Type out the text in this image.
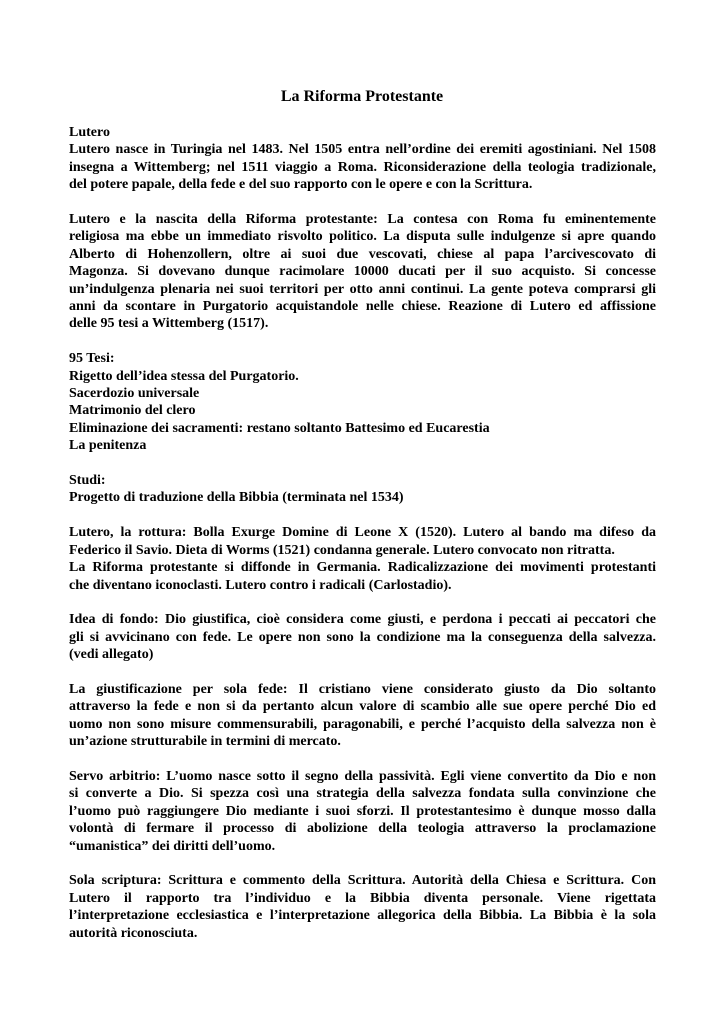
La Riforma Protestante
Lutero
Lutero nasce in Turingia nel 1483. Nel 1505 entra nell’ordine dei eremiti agostiniani. Nel 1508
insegna a Wittemberg; nel 1511 viaggio a Roma. Riconsiderazione della teologia tradizionale,
del potere papale, della fede e del suo rapporto con le opere e con la Scrittura.
Lutero e la nascita della Riforma protestante: La contesa con Roma fu eminentemente
religiosa ma ebbe un immediato risvolto politico. La disputa sulle indulgenze si apre quando
Alberto di Hohenzollern, oltre ai suoi due vescovati, chiese al papa l’arcivescovato di
Magonza. Si dovevano dunque racimolare 10000 ducati per il suo acquisto. Si concesse
un’indulgenza plenaria nei suoi territori per otto anni continui. La gente poteva comprarsi gli
anni da scontare in Purgatorio acquistandole nelle chiese. Reazione di Lutero ed affissione
delle 95 tesi a Wittemberg (1517).
95 Tesi:
Rigetto dell’idea stessa del Purgatorio.
Sacerdozio universale
Matrimonio del clero
Eliminazione dei sacramenti: restano soltanto Battesimo ed Eucarestia
La penitenza
Studi:
Progetto di traduzione della Bibbia (terminata nel 1534)
Lutero, la rottura: Bolla Exurge Domine di Leone X (1520). Lutero al bando ma difeso da
Federico il Savio. Dieta di Worms (1521) condanna generale. Lutero convocato non ritratta.
La Riforma protestante si diffonde in Germania. Radicalizzazione dei movimenti protestanti
che diventano iconoclasti. Lutero contro i radicali (Carlostadio).
Idea di fondo: Dio giustifica, cioè considera come giusti, e perdona i peccati ai peccatori che
gli si avvicinano con fede. Le opere non sono la condizione ma la conseguenza della salvezza.
(vedi allegato)
La giustificazione per sola fede: Il cristiano viene considerato giusto da Dio soltanto
attraverso la fede e non si da pertanto alcun valore di scambio alle sue opere perché Dio ed
uomo non sono misure commensurabili, paragonabili, e perché l’acquisto della salvezza non è
un’azione strutturabile in termini di mercato.
Servo arbitrio: L’uomo nasce sotto il segno della passività. Egli viene convertito da Dio e non
si converte a Dio. Si spezza così una strategia della salvezza fondata sulla convinzione che
l’uomo può raggiungere Dio mediante i suoi sforzi. Il protestantesimo è dunque mosso dalla
volontà di fermare il processo di abolizione della teologia attraverso la proclamazione
“umanistica” dei diritti dell’uomo.
Sola scriptura: Scrittura e commento della Scrittura. Autorità della Chiesa e Scrittura. Con
Lutero il rapporto tra l’individuo e la Bibbia diventa personale. Viene rigettata
l’interpretazione ecclesiastica e l’interpretazione allegorica della Bibbia. La Bibbia è la sola
autorità riconosciuta.
